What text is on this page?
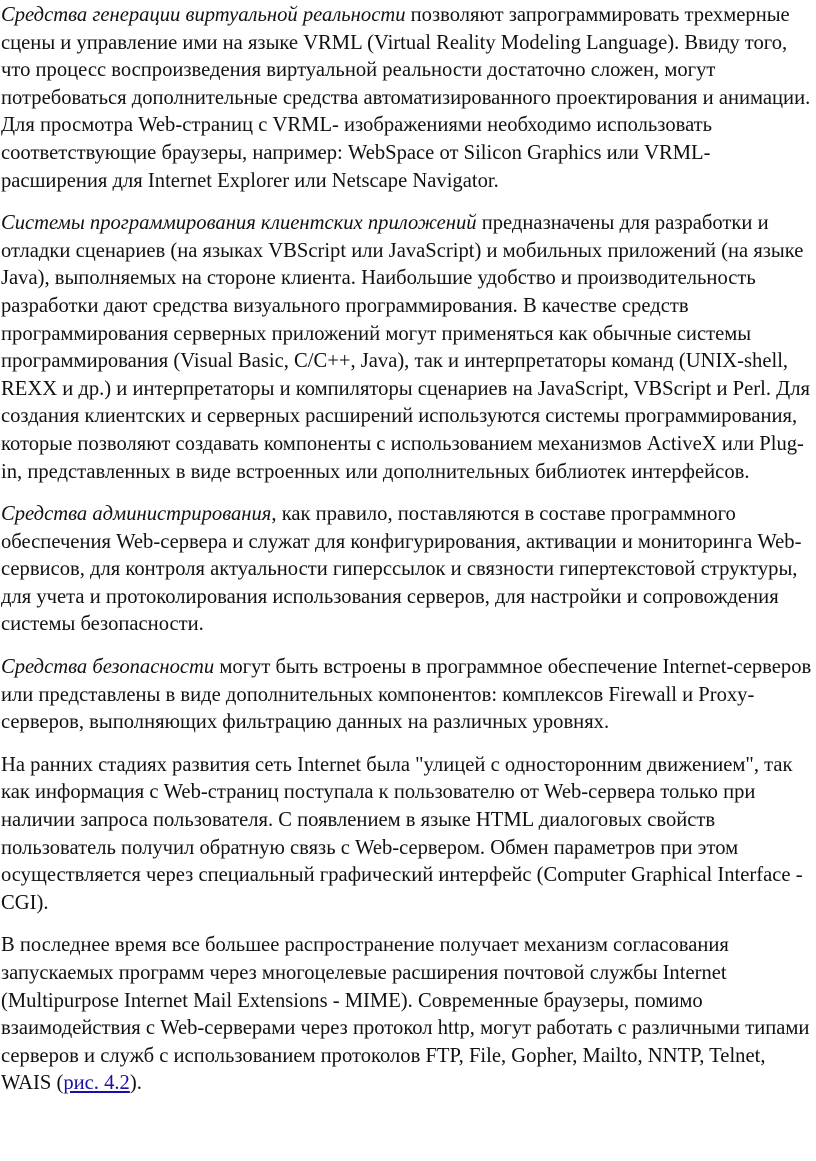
Средства генерации виртуальной реальности позволяют запрограммировать трехмерные сцены и управление ими на языке VRML (Virtual Reality Modeling Language). Ввиду того, что процесс воспроизведения виртуальной реальности достаточно сложен, могут потребоваться дополнительные средства автоматизированного проектирования и анимации. Для просмотра Web-страниц с VRML- изображениями необходимо использовать соответствующие браузеры, например: WebSpace от Silicon Graphics или VRML-расширения для Internet Explorer или Netscape Navigator.

Системы программирования клиентских приложений предназначены для разработки и отладки сценариев (на языках VBScript или JavaScript) и мобильных приложений (на языке Java), выполняемых на стороне клиента. Наибольшие удобство и производительность разработки дают средства визуального программирования. В качестве средств программирования серверных приложений могут применяться как обычные системы программирования (Visual Basic, C/C++, Java), так и интерпретаторы команд (UNIX-shell, REXX и др.) и интерпретаторы и компиляторы сценариев на JavaScript, VBScript и Perl. Для создания клиентских и серверных расширений используются системы программирования, которые позволяют создавать компоненты с использованием механизмов ActiveX или Plug-in, представленных в виде встроенных или дополнительных библиотек интерфейсов.

Средства администрирования, как правило, поставляются в составе программного обеспечения Web-сервера и служат для конфигурирования, активации и мониторинга Web-сервисов, для контроля актуальности гиперссылок и связности гипертекстовой структуры, для учета и протоколирования использования серверов, для настройки и сопровождения системы безопасности.

Средства безопасности могут быть встроены в программное обеспечение Internet-серверов или представлены в виде дополнительных компонентов: комплексов Firewall и Proxy-серверов, выполняющих фильтрацию данных на различных уровнях.

На ранних стадиях развития сеть Internet была "улицей с односторонним движением", так как информация с Web-страниц поступала к пользователю от Web-сервера только при наличии запроса пользователя. С появлением в языке HTML диалоговых свойств пользователь получил обратную связь с Web-сервером. Обмен параметров при этом осуществляется через специальный графический интерфейс (Computer Graphical Interface - CGI).

В последнее время все большее распространение получает механизм согласования запускаемых программ через многоцелевые расширения почтовой службы Internet (Multipurpose Internet Mail Extensions - MIME). Современные браузеры, помимо взаимодействия с Web-серверами через протокол http, могут работать с различными типами серверов и служб с использованием протоколов FTP, File, Gopher, Mailto, NNTP, Telnet, WAIS (рис. 4.2).
